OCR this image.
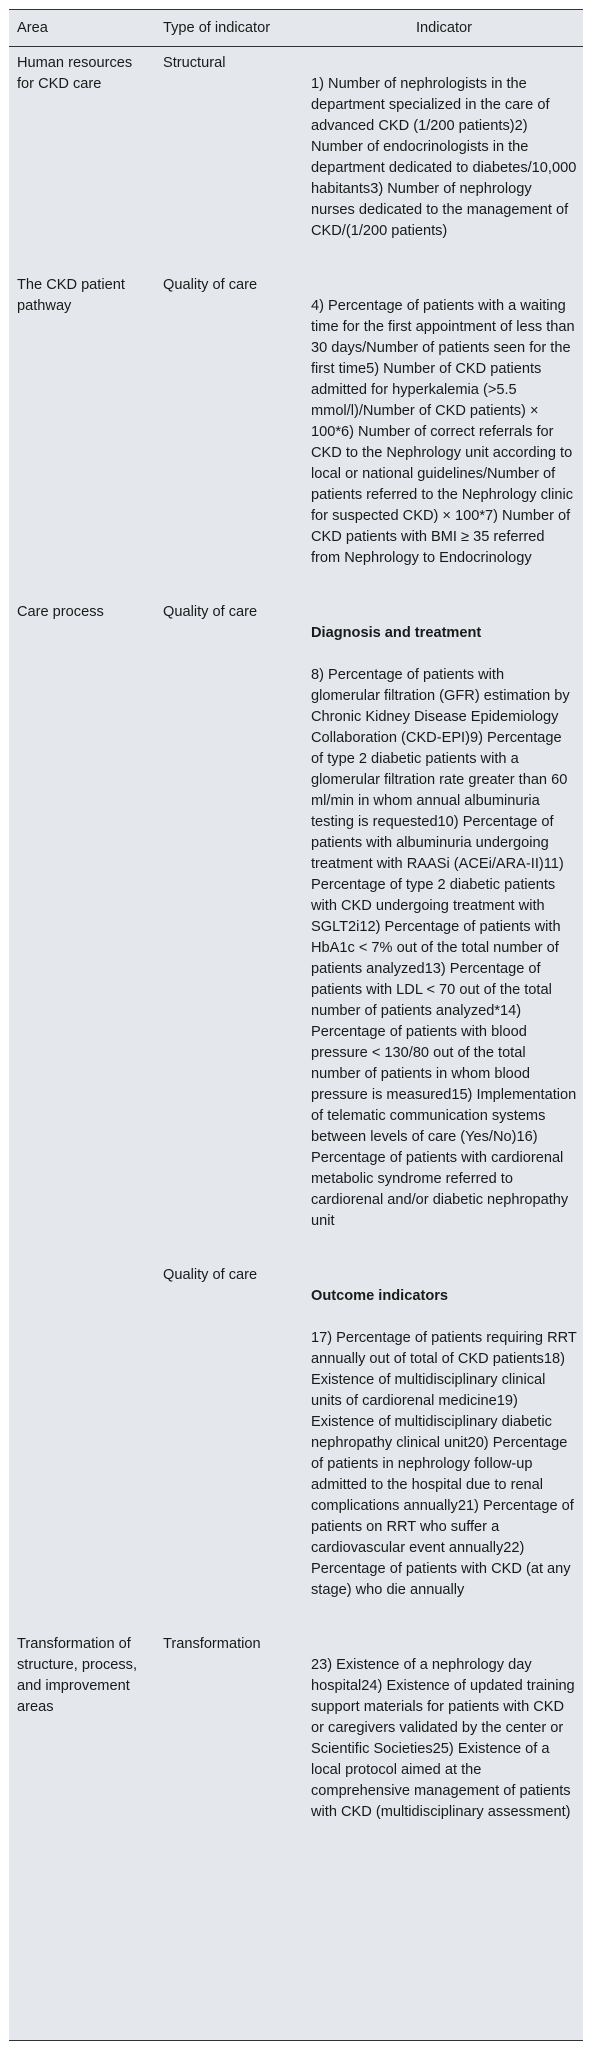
Area	Type of indicator	Indicator
Human resources for CKD care	Structural	1) Number of nephrologists in the department specialized in the care of advanced CKD (1/200 patients)2) Number of endocrinologists in the department dedicated to diabetes/10,000 habitants3) Number of nephrology nurses dedicated to the management of CKD/(1/200 patients)

The CKD patient pathway	Quality of care	4) Percentage of patients with a waiting time for the first appointment of less than 30 days/Number of patients seen for the first time5) Number of CKD patients admitted for hyperkalemia (>5.5 mmol/l)/Number of CKD patients) × 100*6) Number of correct referrals for CKD to the Nephrology unit according to local or national guidelines/Number of patients referred to the Nephrology clinic for suspected CKD) × 100*7) Number of CKD patients with BMI ≥ 35 referred from Nephrology to Endocrinology

Care process	Quality of care	Diagnosis and treatment

8) Percentage of patients with glomerular filtration (GFR) estimation by Chronic Kidney Disease Epidemiology Collaboration (CKD-EPI)9) Percentage of type 2 diabetic patients with a glomerular filtration rate greater than 60 ml/min in whom annual albuminuria testing is requested10) Percentage of patients with albuminuria undergoing treatment with RAASi (ACEi/ARA-II)11) Percentage of type 2 diabetic patients with CKD undergoing treatment with SGLT2i12) Percentage of patients with HbA1c < 7% out of the total number of patients analyzed13) Percentage of patients with LDL < 70 out of the total number of patients analyzed*14) Percentage of patients with blood pressure < 130/80 out of the total number of patients in whom blood pressure is measured15) Implementation of telematic communication systems between levels of care (Yes/No)16) Percentage of patients with cardiorenal metabolic syndrome referred to cardiorenal and/or diabetic nephropathy unit

	Quality of care	Outcome indicators

17) Percentage of patients requiring RRT annually out of total of CKD patients18) Existence of multidisciplinary clinical units of cardiorenal medicine19) Existence of multidisciplinary diabetic nephropathy clinical unit20) Percentage of patients in nephrology follow-up admitted to the hospital due to renal complications annually21) Percentage of patients on RRT who suffer a cardiovascular event annually22) Percentage of patients with CKD (at any stage) who die annually

Transformation of structure, process, and improvement areas	Transformation	23) Existence of a nephrology day hospital24) Existence of updated training support materials for patients with CKD or caregivers validated by the center or Scientific Societies25) Existence of a local protocol aimed at the comprehensive management of patients with CKD (multidisciplinary assessment)
